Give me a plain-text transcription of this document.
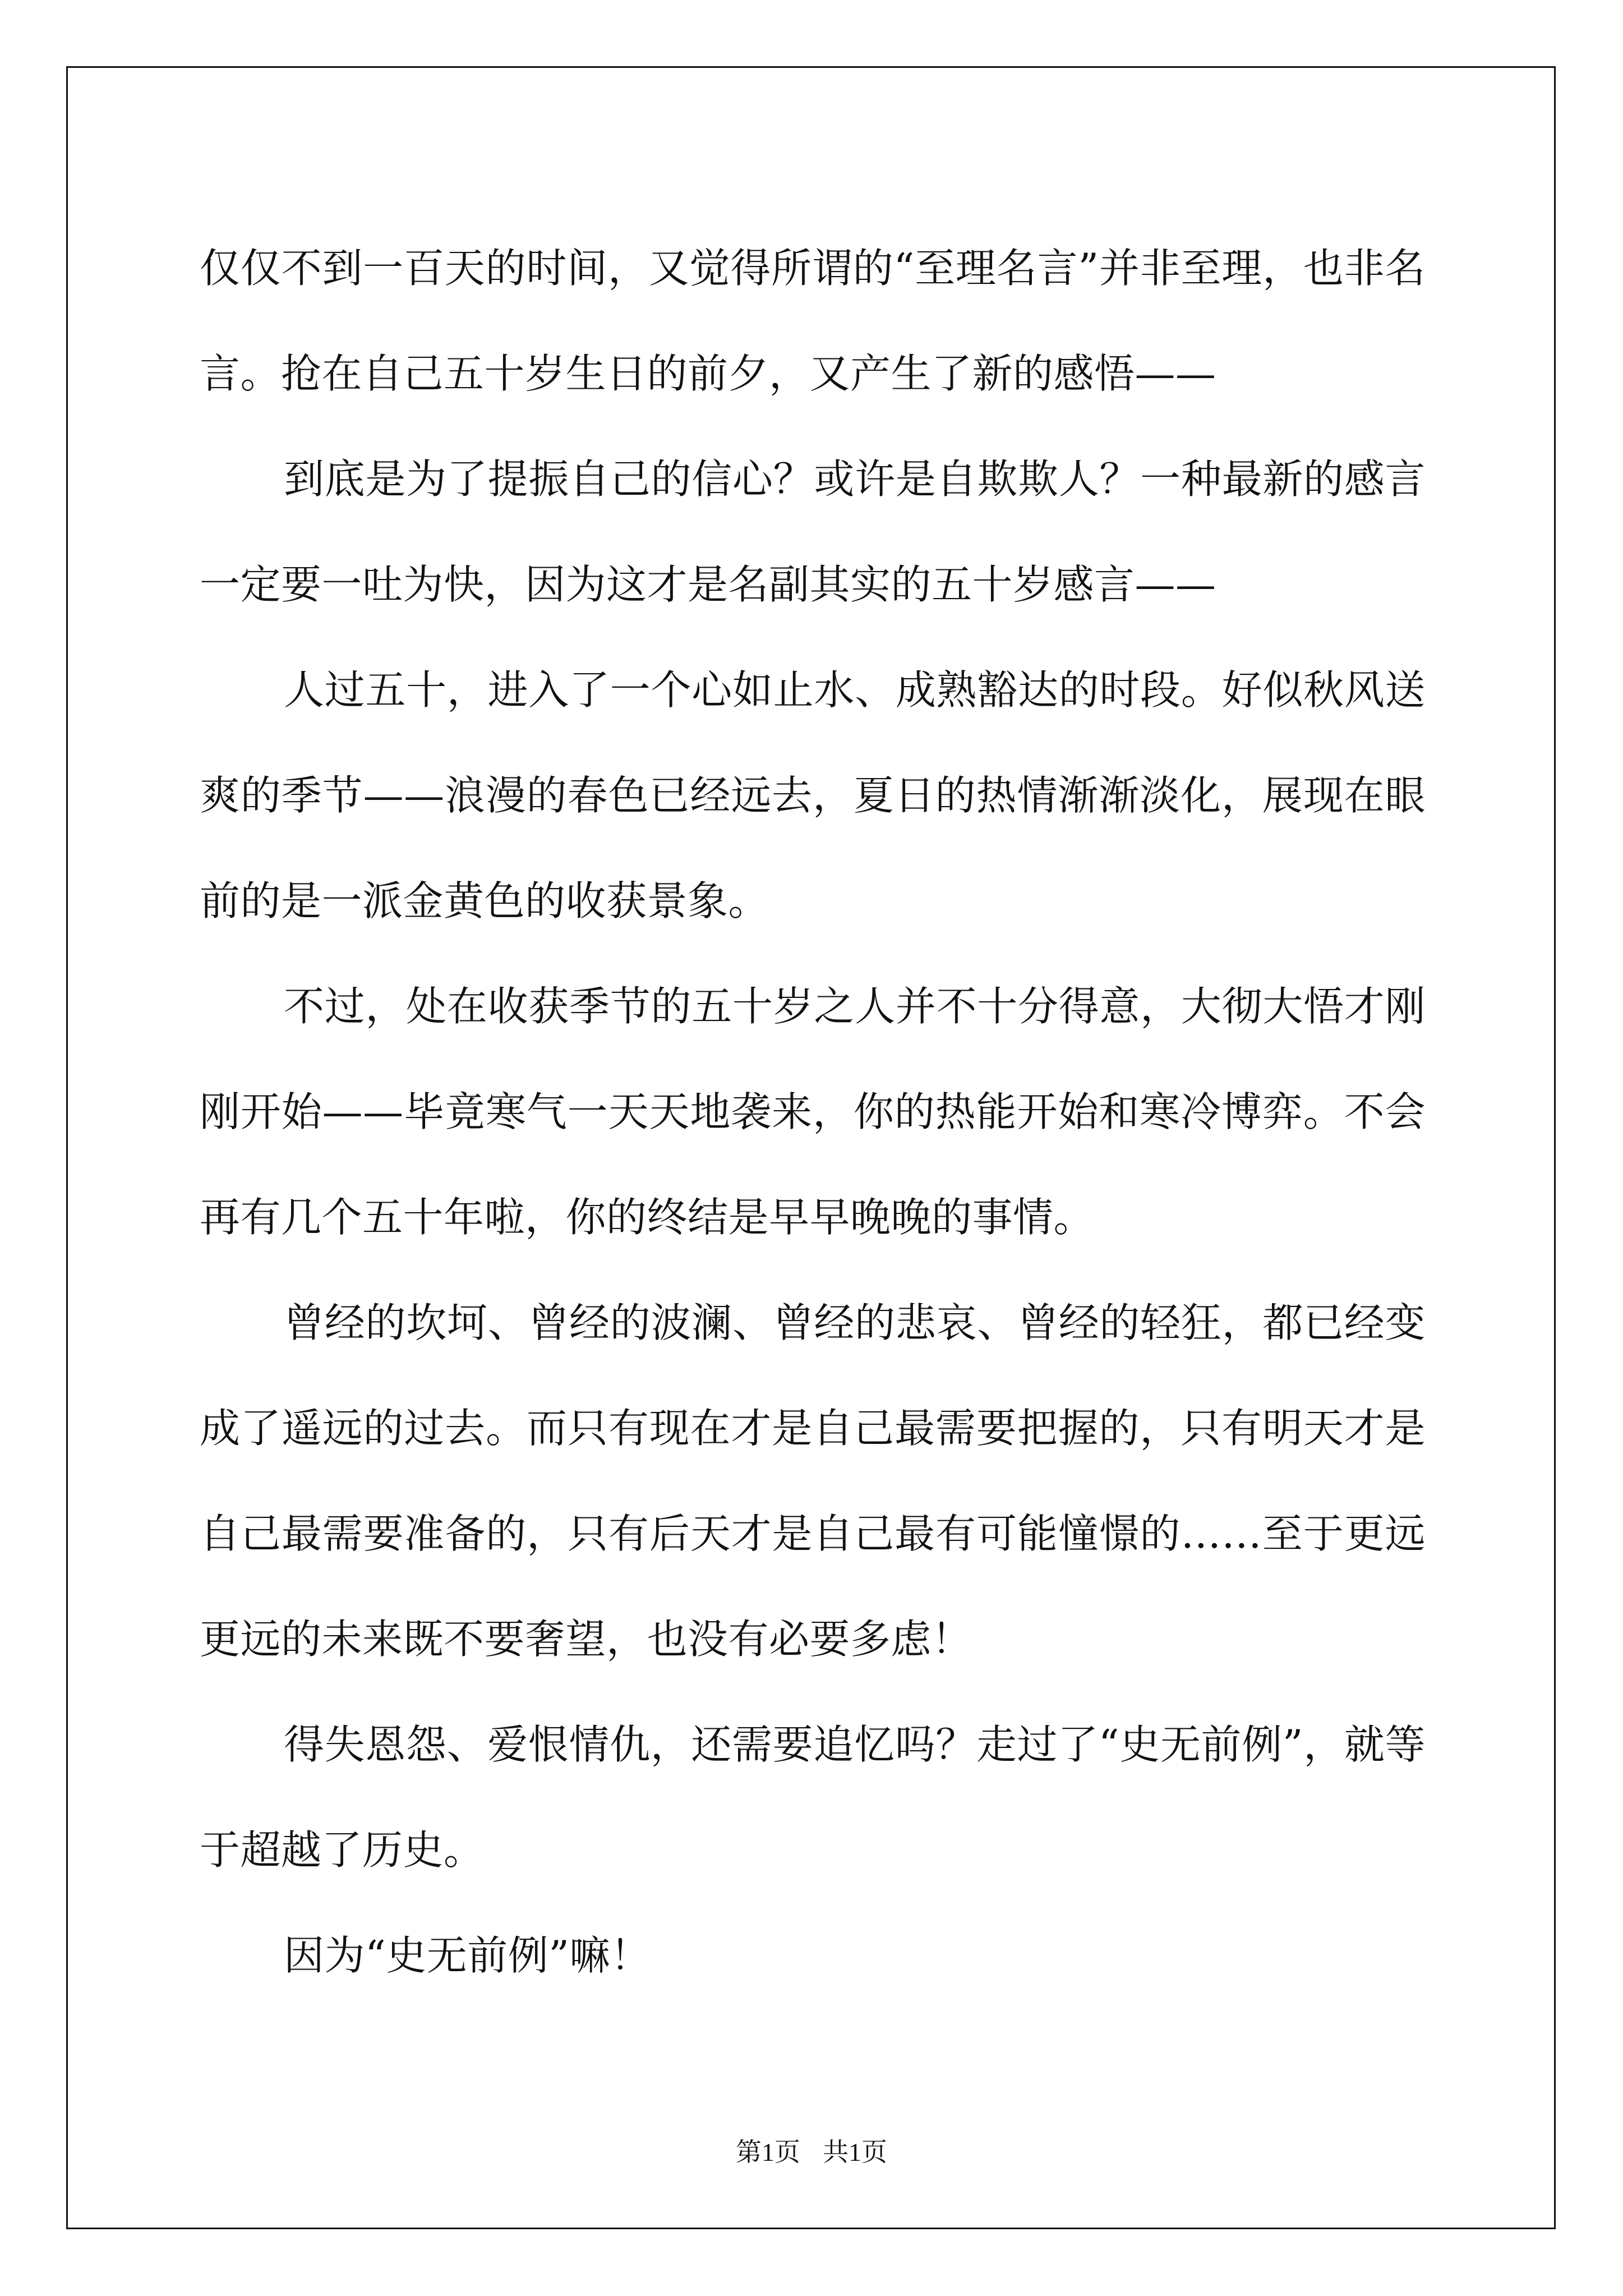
仅仅不到一百天的时间，又觉得所谓的“至理名言”并非至理，也非名言。抢在自己五十岁生日的前夕，又产生了新的感悟——

到底是为了提振自己的信心？或许是自欺欺人？一种最新的感言一定要一吐为快，因为这才是名副其实的五十岁感言——

人过五十，进入了一个心如止水、成熟豁达的时段。好似秋风送爽的季节——浪漫的春色已经远去，夏日的热情渐渐淡化，展现在眼前的是一派金黄色的收获景象。

不过，处在收获季节的五十岁之人并不十分得意，大彻大悟才刚刚开始——毕竟寒气一天天地袭来，你的热能开始和寒冷博弈。不会再有几个五十年啦，你的终结是早早晚晚的事情。

曾经的坎坷、曾经的波澜、曾经的悲哀、曾经的轻狂，都已经变成了遥远的过去。而只有现在才是自己最需要把握的，只有明天才是自己最需要准备的，只有后天才是自己最有可能憧憬的……至于更远更远的未来既不要奢望，也没有必要多虑！

得失恩怨、爱恨情仇，还需要追忆吗？走过了“史无前例”，就等于超越了历史。

因为“史无前例”嘛！

第1页 共1页
